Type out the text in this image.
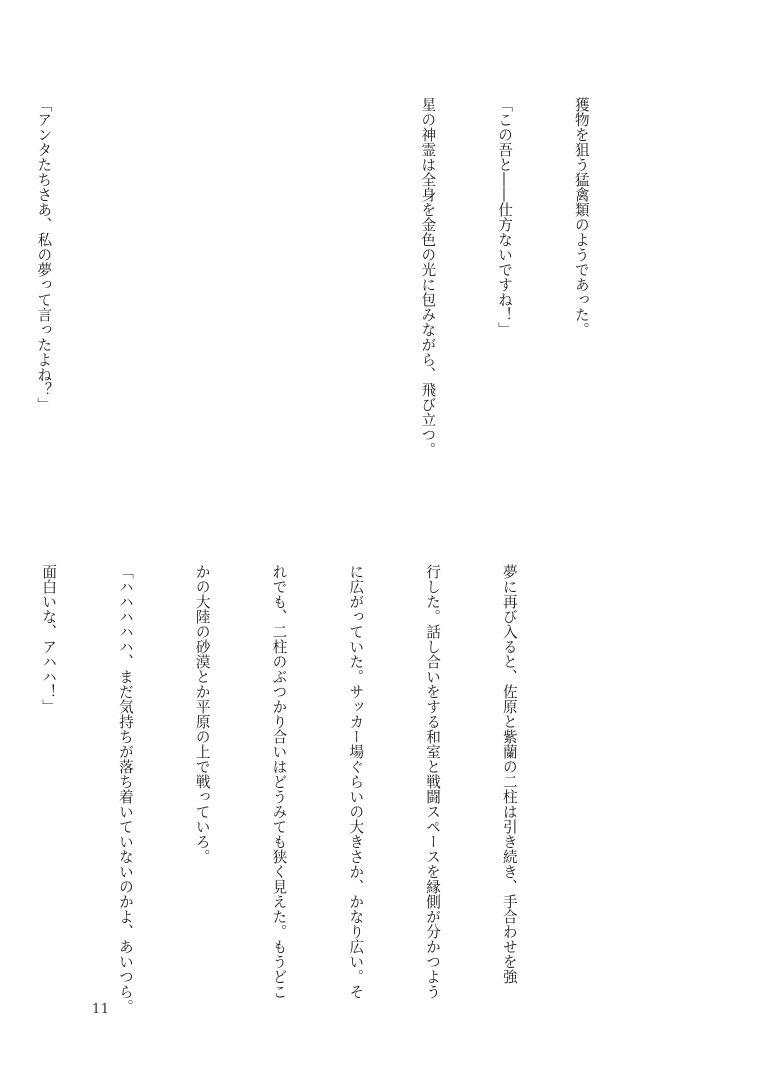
獲物を狙う猛禽類のようであった。

「この吾と――仕方ないですね！」

星の神霊は全身を金色の光に包みながら、飛び立つ。

「アンタたちさあ、私の夢って言ったよね？」

夢に再び入ると、佐原と紫蘭の二柱は引き続き、手合わせを強

行した。話し合いをする和室と戦闘スペースを縁側が分かつよう

に広がっていた。サッカー場ぐらいの大きさか、かなり広い。そ

れでも、二柱のぶつかり合いはどうみても狭く見えた。もうどこ

かの大陸の砂漠とか平原の上で戦っていろ。

「ハハハハハ、まだ気持ちが落ち着いていないのかよ、あいつら。

面白いな、アハハ！」

11
